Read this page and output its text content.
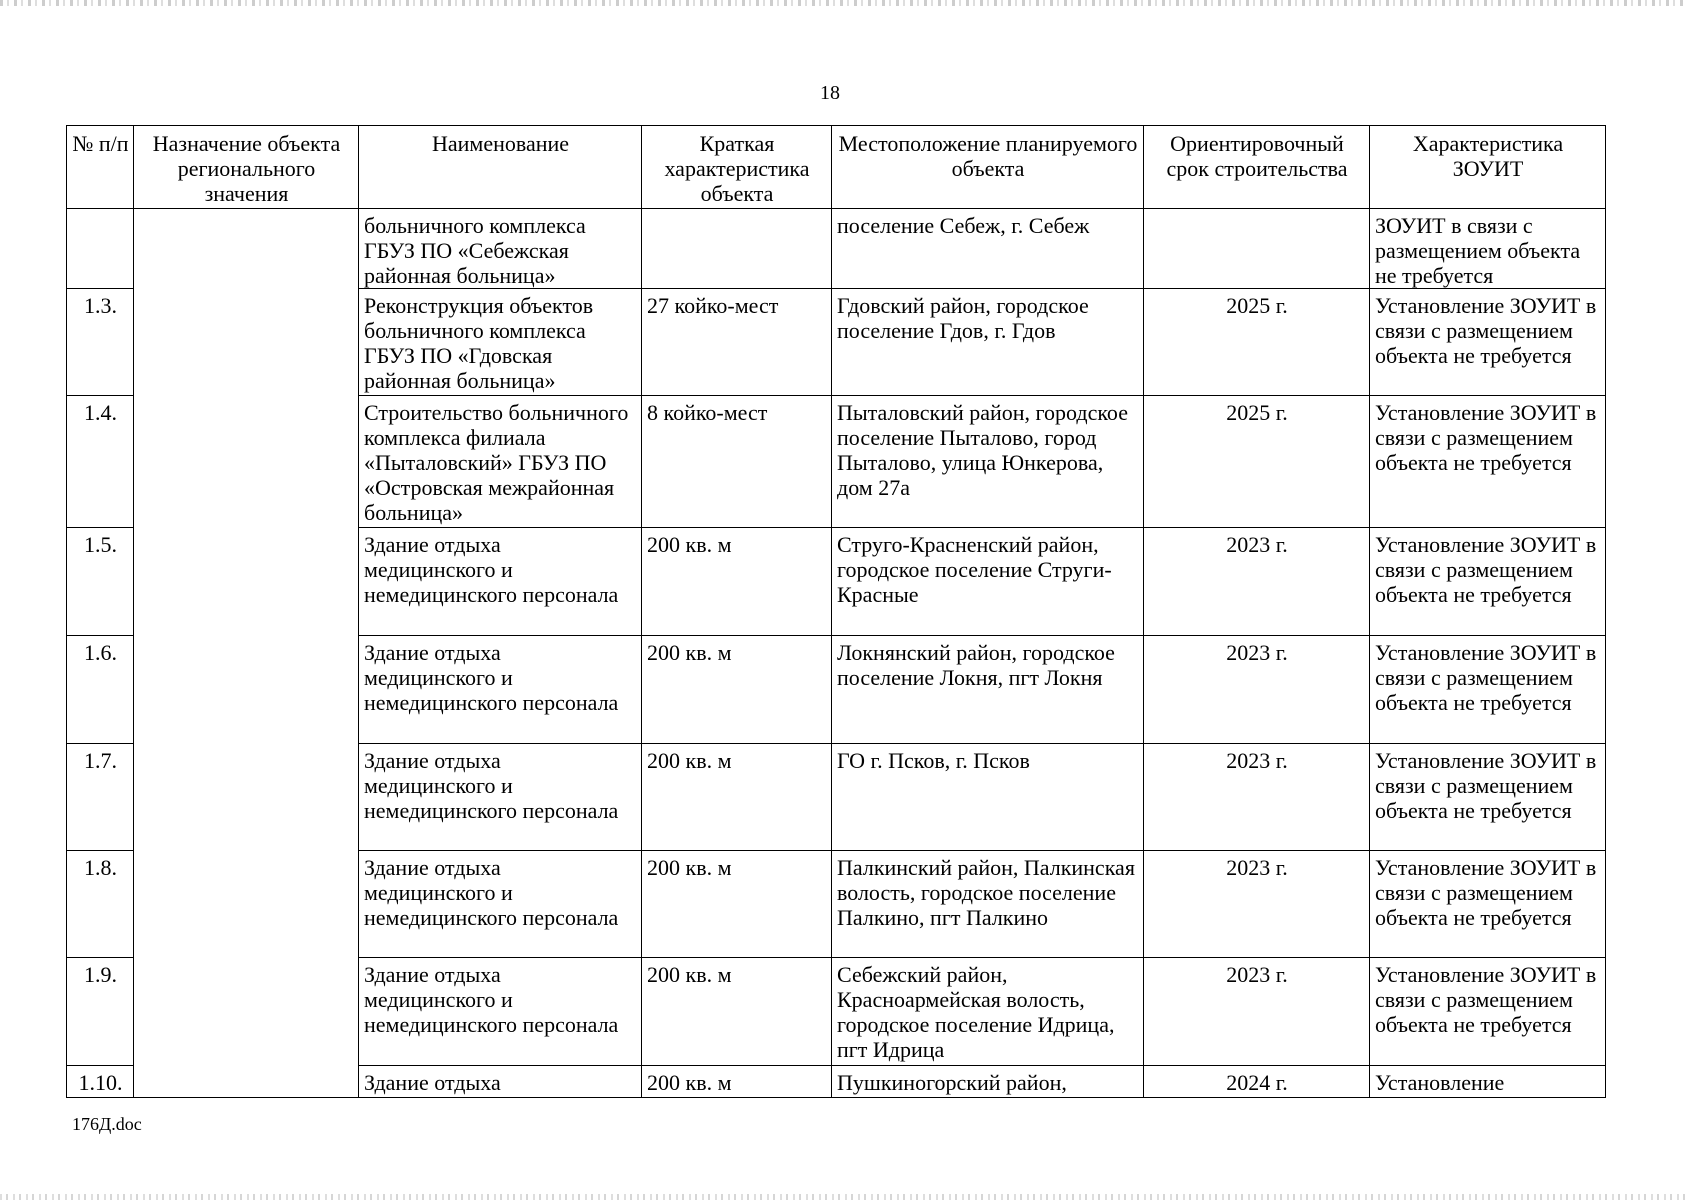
18
№ п/п	Назначение объекта регионального значения	Наименование	Краткая характеристика объекта	Местоположение планируемого объекта	Ориентировочный срок строительства	Характеристика ЗОУИТ
		больничного комплекса ГБУЗ ПО «Себежская районная больница»		поселение Себеж, г. Себеж		ЗОУИТ в связи с размещением объекта не требуется
1.3.		Реконструкция объектов больничного комплекса ГБУЗ ПО «Гдовская районная больница»	27 койко-мест	Гдовский район, городское поселение Гдов, г. Гдов	2025 г.	Установление ЗОУИТ в связи с размещением объекта не требуется
1.4.		Строительство больничного комплекса филиала «Пыталовский» ГБУЗ ПО «Островская межрайонная больница»	8 койко-мест	Пыталовский район, городское поселение Пыталово, город Пыталово, улица Юнкерова, дом 27а	2025 г.	Установление ЗОУИТ в связи с размещением объекта не требуется
1.5.		Здание отдыха медицинского и немедицинского персонала	200 кв. м	Струго-Красненский район, городское поселение Струги-Красные	2023 г.	Установление ЗОУИТ в связи с размещением объекта не требуется
1.6.		Здание отдыха медицинского и немедицинского персонала	200 кв. м	Локнянский район, городское поселение Локня, пгт Локня	2023 г.	Установление ЗОУИТ в связи с размещением объекта не требуется
1.7.		Здание отдыха медицинского и немедицинского персонала	200 кв. м	ГО г. Псков, г. Псков	2023 г.	Установление ЗОУИТ в связи с размещением объекта не требуется
1.8.		Здание отдыха медицинского и немедицинского персонала	200 кв. м	Палкинский район, Палкинская волость, городское поселение Палкино, пгт Палкино	2023 г.	Установление ЗОУИТ в связи с размещением объекта не требуется
1.9.		Здание отдыха медицинского и немедицинского персонала	200 кв. м	Себежский район, Красноармейская волость, городское поселение Идрица, пгт Идрица	2023 г.	Установление ЗОУИТ в связи с размещением объекта не требуется
1.10.		Здание отдыха	200 кв. м	Пушкиногорский район,	2024 г.	Установление
176Д.doc
